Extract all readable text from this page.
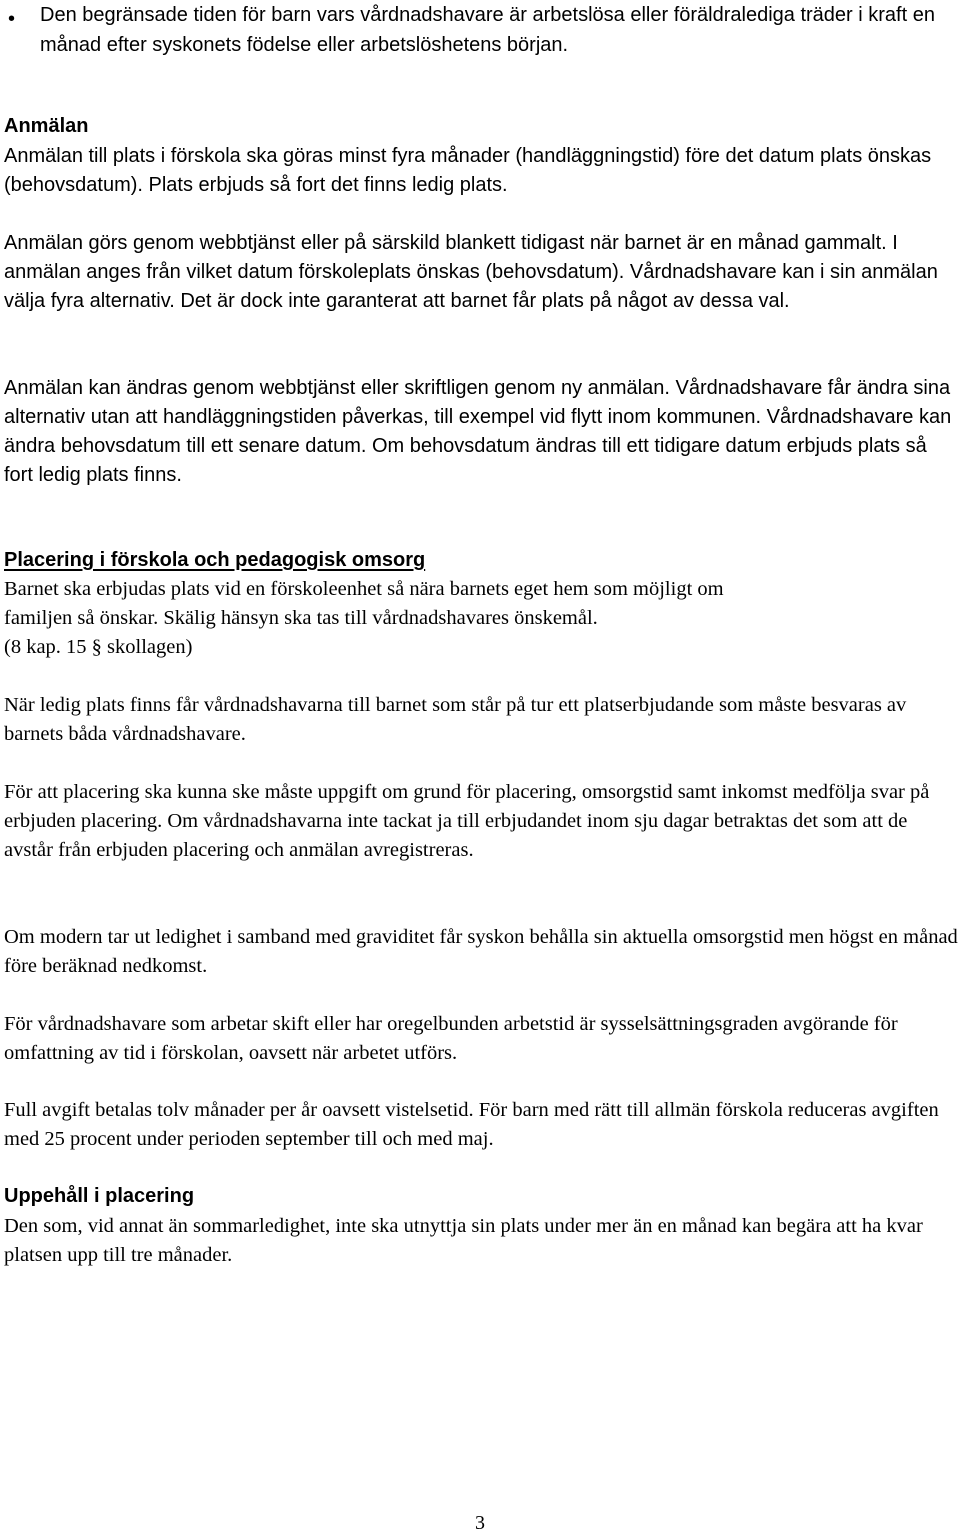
• Den begränsade tiden för barn vars vårdnadshavare är arbetslösa eller föräldralediga träder i kraft en månad efter syskonets födelse eller arbetslöshetens början.
Anmälan

Anmälan till plats i förskola ska göras minst fyra månader (handläggningstid) före det datum plats önskas (behovsdatum). Plats erbjuds så fort det finns ledig plats.

Anmälan görs genom webbtjänst eller på särskild blankett tidigast när barnet är en månad gammalt. I anmälan anges från vilket datum förskoleplats önskas (behovsdatum). Vårdnadshavare kan i sin anmälan välja fyra alternativ. Det är dock inte garanterat att barnet får plats på något av dessa val.

Anmälan kan ändras genom webbtjänst eller skriftligen genom ny anmälan. Vårdnadshavare får ändra sina alternativ utan att handläggningstiden påverkas, till exempel vid flytt inom kommunen. Vårdnadshavare kan ändra behovsdatum till ett senare datum. Om behovsdatum ändras till ett tidigare datum erbjuds plats så fort ledig plats finns.

Placering i förskola och pedagogisk omsorg
Barnet ska erbjudas plats vid en förskoleenhet så nära barnets eget hem som möjligt om
familjen så önskar. Skälig hänsyn ska tas till vårdnadshavares önskemål.
(8 kap. 15 § skollagen)

När ledig plats finns får vårdnadshavarna till barnet som står på tur ett platserbjudande som måste besvaras av barnets båda vårdnadshavare.

För att placering ska kunna ske måste uppgift om grund för placering, omsorgstid samt inkomst medfölja svar på erbjuden placering. Om vårdnadshavarna inte tackat ja till erbjudandet inom sju dagar betraktas det som att de avstår från erbjuden placering och anmälan avregistreras.

Om modern tar ut ledighet i samband med graviditet får syskon behålla sin aktuella omsorgstid men högst en månad före beräknad nedkomst.

För vårdnadshavare som arbetar skift eller har oregelbunden arbetstid är sysselsättningsgraden avgörande för omfattning av tid i förskolan, oavsett när arbetet utförs.

Full avgift betalas tolv månader per år oavsett vistelsetid. För barn med rätt till allmän förskola reduceras avgiften med 25 procent under perioden september till och med maj.

Uppehåll i placering

Den som, vid annat än sommarledighet, inte ska utnyttja sin plats under mer än en månad kan begära att ha kvar platsen upp till tre månader.

3
